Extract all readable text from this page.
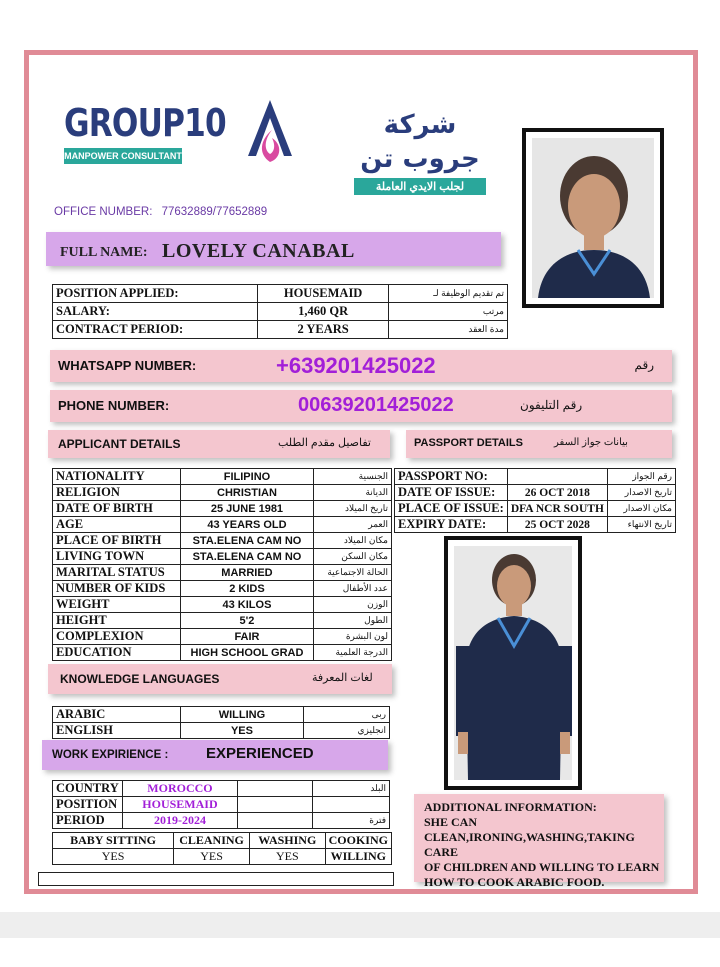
GROUP10
MANPOWER CONSULTANT
شركة جروب تن
لجلب الايدي العاملة
OFFICE NUMBER: 77632889/77652889
FULL NAME: LOVELY CANABAL
POSITION APPLIED:	HOUSEMAID	تم تقديم الوظيفة لـ
SALARY:	1,460 QR	مرتب
CONTRACT PERIOD:	2 YEARS	مدة العقد
WHATSAPP NUMBER:	+639201425022	رقم
PHONE NUMBER:	00639201425022	رقم التليفون
APPLICANT DETAILS	تفاصيل مقدم الطلب	PASSPORT DETAILS	بيانات جواز السفر
NATIONALITY	FILIPINO	الجنسية
RELIGION	CHRISTIAN	الديانة
DATE OF BIRTH	25 JUNE 1981	تاريخ الميلاد
AGE	43 YEARS OLD	العمر
PLACE OF BIRTH	STA.ELENA CAM NO	مكان الميلاد
LIVING TOWN	STA.ELENA CAM NO	مكان السكن
MARITAL STATUS	MARRIED	الحالة الاجتماعية
NUMBER OF KIDS	2 KIDS	عدد الأطفال
WEIGHT	43 KILOS	الوزن
HEIGHT	5'2	الطول
COMPLEXION	FAIR	لون البشرة
EDUCATION	HIGH SCHOOL GRAD	الدرجة العلمية
PASSPORT NO:		رقم الجواز
DATE OF ISSUE:	26 OCT 2018	تاريخ الاصدار
PLACE OF ISSUE:	DFA NCR SOUTH	مكان الاصدار
EXPIRY DATE:	25 OCT 2028	تاريخ الانتهاء
KNOWLEDGE LANGUAGES	لغات المعرفة
ARABIC	WILLING	ربى
ENGLISH	YES	انجليزي
WORK EXPIRIENCE :	EXPERIENCED
COUNTRY	MOROCCO		البلد
POSITION	HOUSEMAID		
PERIOD	2019-2024		فترة
BABY SITTING	CLEANING	WASHING	COOKING
YES	YES	YES	WILLING
ADDITIONAL INFORMATION:
SHE CAN
CLEAN,IRONING,WASHING,TAKING CARE
OF CHILDREN AND WILLING TO LEARN
HOW TO COOK ARABIC FOOD.
